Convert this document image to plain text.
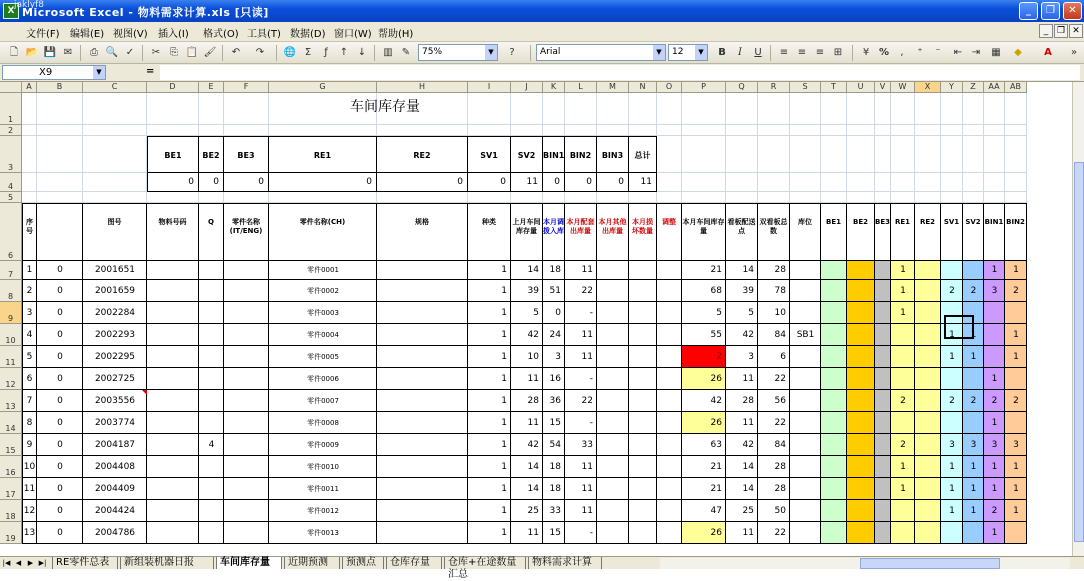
X
jaklyf8
Microsoft Excel - 物料需求计算.xls [只读]	_	❐	✕
文件(F) 编辑(E) 视图(V) 插入(I) 格式(O) 工具(T) 数据(D) 窗口(W) 帮助(H)	_ ❐ ✕
🗋 📂 💾 ✉	⎙ 🔍 ✓	✂ ⎘ 📋 🖌	↶	↷	🌐 Σ	ƒ	↑ ↓	▥ ✎	75%	▼	?	Arial	▼	12	▼	B	I	U	≡ ≡ ≡ ⊞	¥ %	,	⁺	⁻	⇤ ⇥	▦	◆	A	»
X9	▼	=
A	B	C	D	E	F	G	H	I	J	K	L	M	N	O	P	Q	R	S	T	U	V	W	X	Y	Z	AA	AB
1
2
3
4
5
6
7
8
9
10
11
12
13
14
15
16
17
18
19
车间库存量
BE1
0
BE2
0
BE3
0
RE1
0
RE2
0
SV1
0
SV2
11
BIN1
0
BIN2
0
BIN3
0
总计
11
序号
图号	物料号码	Q	零件名称(IT/ENG)
零件名称(CH)	规格	种类	上月车间库存量
本月调拨入库
本月配套出库量
本月其他出库量
本月损坏数量
调整 本月车间库存量
看板配送点
双看板总数
库位	BE1	BE2	BE3 RE1	RE2	SV1 SV2 BIN1 BIN2
1	0	2001651	零件0001	1	14	18	11	21	14	28	1	1	1
2	0	2001659	零件0002	1	39	51	22	68	39	78	1	2	2	3	2
3	0	2002284	零件0003	1	5	0	-	5	5	10	1
4	0	2002293	零件0004	1	42	24	11	55	42	84	SB1	1	1	1
5	0	2002295	零件0005	1	10	3	11	2	3	6	1	1	1
6	0	2002725	零件0006	1	11	16	-	26	11	22	1
7	0	2003556	零件0007	1	28	36	22	42	28	56	2	2	2	2	2
8	0	2003774	零件0008	1	11	15	-	26	11	22	1
9	0	2004187	4	零件0009	1	42	54	33	63	42	84	2	3	3	3	3
10	0	2004408	零件0010	1	14	18	11	21	14	28	1	1	1	1	1
11	0	2004409	零件0011	1	14	18	11	21	14	28	1	1	1	1	1
12	0	2004424	零件0012	1	25	33	11	47	25	50	1	1	2	1
13	0	2004786	零件0013	1	11	15	-	26	11	22	1
|◀ ◀ ▶ ▶| RE零件总表	新组装机器日报	车间库存量	近期预测	预测点	仓库存量	仓库+在途数量汇总
物料需求计算
